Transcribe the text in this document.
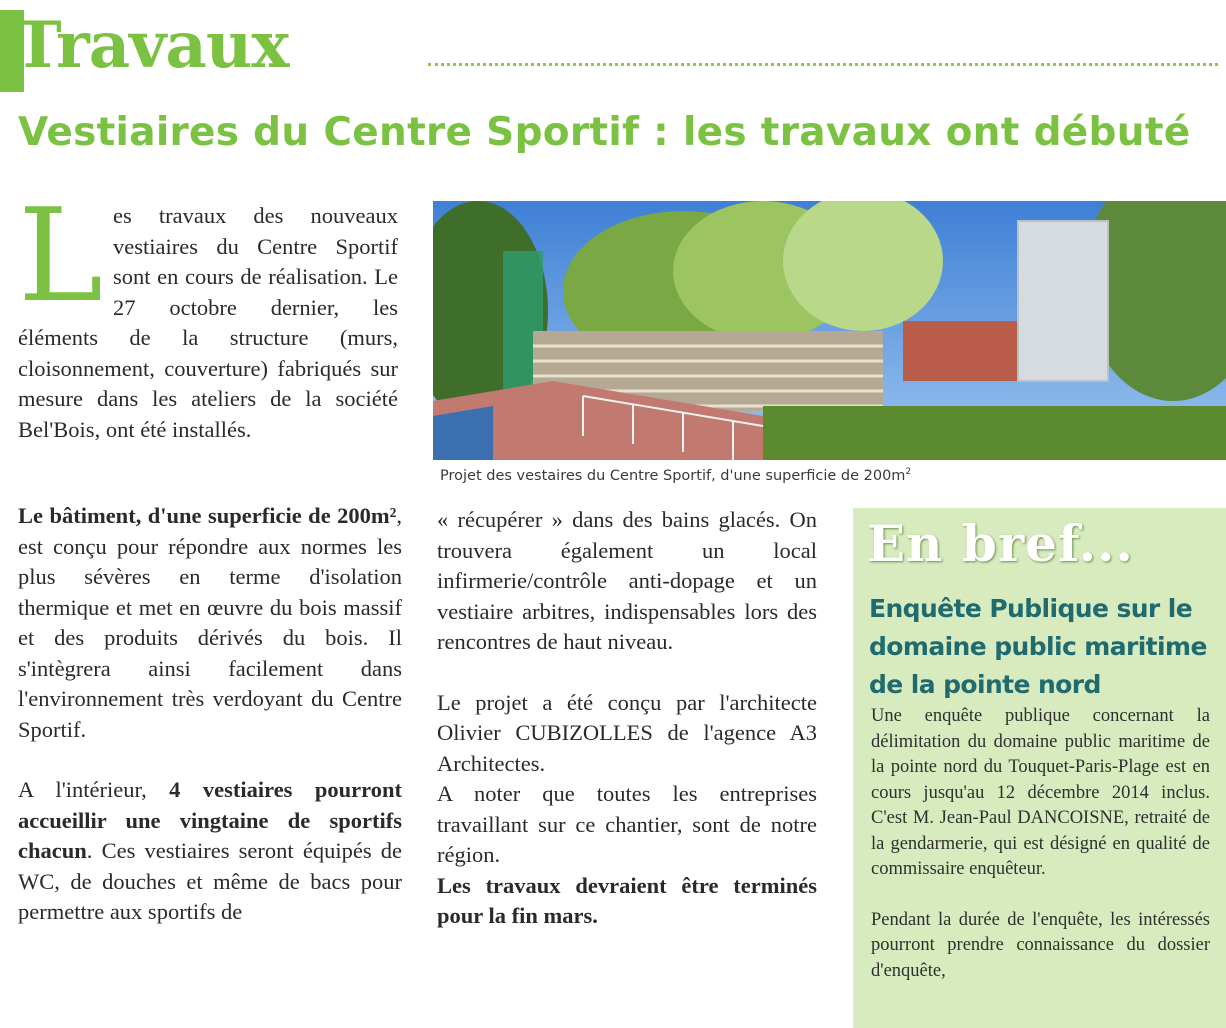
Travaux
Vestiaires du Centre Sportif : les travaux ont débuté

Les travaux des nouveaux vestiaires du Centre Sportif sont en cours de réalisation. Le 27 octobre dernier, les éléments de la structure (murs, cloisonnement, couverture) fabriqués sur mesure dans les ateliers de la société Bel'Bois, ont été installés.

Projet des vestaires du Centre Sportif, d'une superficie de $200m^2$

Le bâtiment, d'une superficie de 200m², est conçu pour répondre aux normes les plus sévères en terme d'isolation thermique et met en œuvre du bois massif et des produits dérivés du bois. Il s'intègrera ainsi facilement dans l'environnement très verdoyant du Centre Sportif.

A l'intérieur, 4 vestiaires pourront accueillir une vingtaine de sportifs chacun. Ces vestiaires seront équipés de WC, de douches et même de bacs pour permettre aux sportifs de

« récupérer » dans des bains glacés. On trouvera également un local infirmerie/contrôle anti-dopage et un vestiaire arbitres, indispensables lors des rencontres de haut niveau.

Le projet a été conçu par l'architecte Olivier CUBIZOLLES de l'agence A3 Architectes.

A noter que toutes les entreprises travaillant sur ce chantier, sont de notre région.

Les travaux devraient être terminés pour la fin mars.

En bref...
Enquête Publique sur le domaine public maritime de la pointe nord

Une enquête publique concernant la délimitation du domaine public maritime de la pointe nord du Touquet-Paris-Plage est en cours jusqu'au 12 décembre 2014 inclus. C'est M. Jean-Paul DANCOISNE, retraité de la gendarmerie, qui est désigné en qualité de commissaire enquêteur.

Pendant la durée de l'enquête, les intéressés pourront prendre connaissance du dossier d'enquête,
